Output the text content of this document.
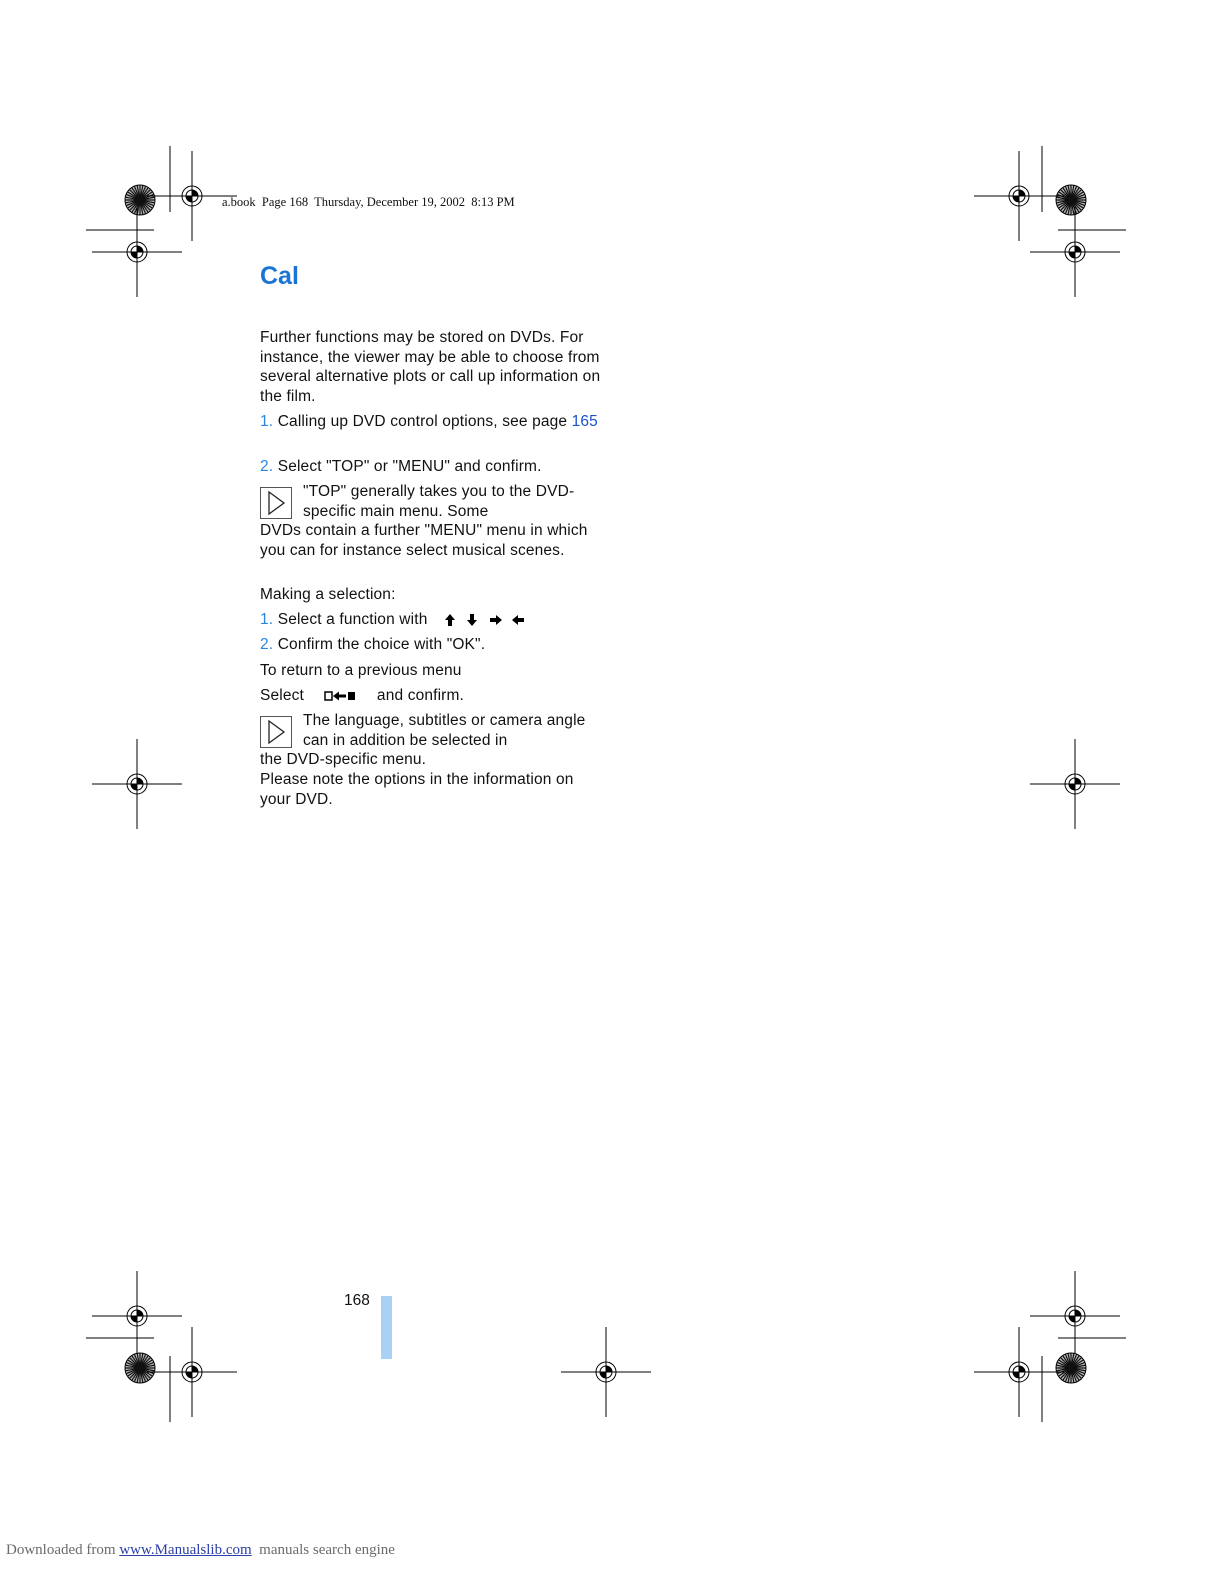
a.book  Page 168  Thursday, December 19, 2002  8:13 PM
Cal
Further functions may be stored on DVDs. For instance, the viewer may be able to choose from several alternative plots or call up information on the film.
1. Calling up DVD control options, see page 165
2. Select "TOP" or "MENU" and confirm.
"TOP" generally takes you to the DVD-specific main menu. Some
DVDs contain a further "MENU" menu in which you can for instance select musical scenes.
Making a selection:
1. Select a function with
2. Confirm the choice with "OK".
To return to a previous menu
Select	and confirm.
The language, subtitles or camera angle can in addition be selected in
the DVD-specific menu.
Please note the options in the information on your DVD.
168
Downloaded from www.Manualslib.com  manuals search engine
